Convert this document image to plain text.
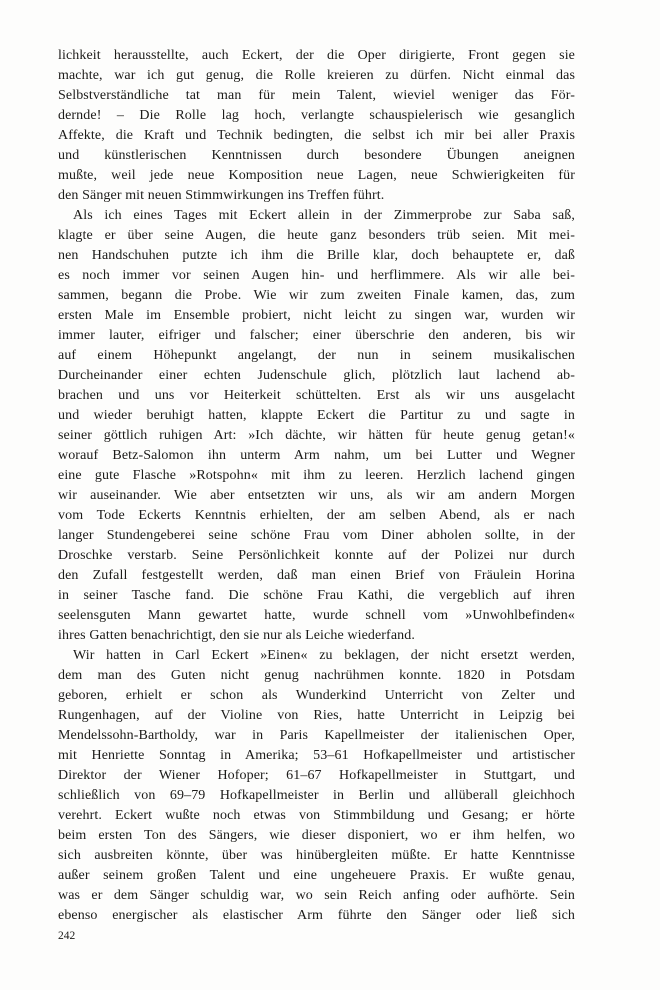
lichkeit herausstellte, auch Eckert, der die Oper dirigierte, Front gegen sie
machte, war ich gut genug, die Rolle kreieren zu dürfen. Nicht einmal das
Selbstverständliche tat man für mein Talent, wieviel weniger das För-
dernde! – Die Rolle lag hoch, verlangte schauspielerisch wie gesanglich
Affekte, die Kraft und Technik bedingten, die selbst ich mir bei aller Praxis
und künstlerischen Kenntnissen durch besondere Übungen aneignen
mußte, weil jede neue Komposition neue Lagen, neue Schwierigkeiten für
den Sänger mit neuen Stimmwirkungen ins Treffen führt.
Als ich eines Tages mit Eckert allein in der Zimmerprobe zur Saba saß,
klagte er über seine Augen, die heute ganz besonders trüb seien. Mit mei-
nen Handschuhen putzte ich ihm die Brille klar, doch behauptete er, daß
es noch immer vor seinen Augen hin- und herflimmere. Als wir alle bei-
sammen, begann die Probe. Wie wir zum zweiten Finale kamen, das, zum
ersten Male im Ensemble probiert, nicht leicht zu singen war, wurden wir
immer lauter, eifriger und falscher; einer überschrie den anderen, bis wir
auf einem Höhepunkt angelangt, der nun in seinem musikalischen
Durcheinander einer echten Judenschule glich, plötzlich laut lachend ab-
brachen und uns vor Heiterkeit schüttelten. Erst als wir uns ausgelacht
und wieder beruhigt hatten, klappte Eckert die Partitur zu und sagte in
seiner göttlich ruhigen Art: »Ich dächte, wir hätten für heute genug getan!«
worauf Betz-Salomon ihn unterm Arm nahm, um bei Lutter und Wegner
eine gute Flasche »Rotspohn« mit ihm zu leeren. Herzlich lachend gingen
wir auseinander. Wie aber entsetzten wir uns, als wir am andern Morgen
vom Tode Eckerts Kenntnis erhielten, der am selben Abend, als er nach
langer Stundengeberei seine schöne Frau vom Diner abholen sollte, in der
Droschke verstarb. Seine Persönlichkeit konnte auf der Polizei nur durch
den Zufall festgestellt werden, daß man einen Brief von Fräulein Horina
in seiner Tasche fand. Die schöne Frau Kathi, die vergeblich auf ihren
seelensguten Mann gewartet hatte, wurde schnell vom »Unwohlbefinden«
ihres Gatten benachrichtigt, den sie nur als Leiche wiederfand.
Wir hatten in Carl Eckert »Einen« zu beklagen, der nicht ersetzt werden,
dem man des Guten nicht genug nachrühmen konnte. 1820 in Potsdam
geboren, erhielt er schon als Wunderkind Unterricht von Zelter und
Rungenhagen, auf der Violine von Ries, hatte Unterricht in Leipzig bei
Mendelssohn-Bartholdy, war in Paris Kapellmeister der italienischen Oper,
mit Henriette Sonntag in Amerika; 53–61 Hofkapellmeister und artistischer
Direktor der Wiener Hofoper; 61–67 Hofkapellmeister in Stuttgart, und
schließlich von 69–79 Hofkapellmeister in Berlin und allüberall gleichhoch
verehrt. Eckert wußte noch etwas von Stimmbildung und Gesang; er hörte
beim ersten Ton des Sängers, wie dieser disponiert, wo er ihm helfen, wo
sich ausbreiten könnte, über was hinübergleiten müßte. Er hatte Kenntnisse
außer seinem großen Talent und eine ungeheuere Praxis. Er wußte genau,
was er dem Sänger schuldig war, wo sein Reich anfing oder aufhörte. Sein
ebenso energischer als elastischer Arm führte den Sänger oder ließ sich
242
